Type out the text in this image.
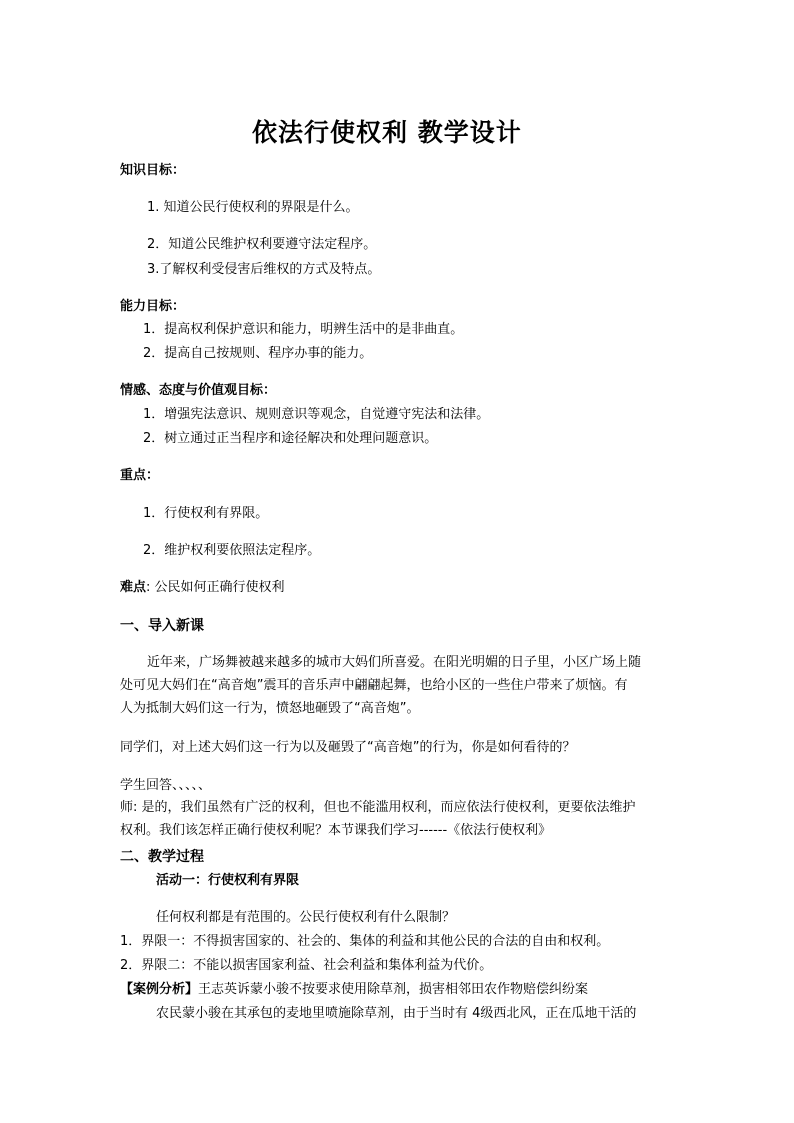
依法行使权利 教学设计
知识目标：
1. 知道公民行使权利的界限是什么。
2．知道公民维护权利要遵守法定程序。
3.了解权利受侵害后维权的方式及特点。
能力目标：
1．提高权利保护意识和能力，明辨生活中的是非曲直。
2．提高自己按规则、程序办事的能力。
情感、态度与价值观目标：
1．增强宪法意识、规则意识等观念，自觉遵守宪法和法律。
2．树立通过正当程序和途径解决和处理问题意识。
重点：
1．行使权利有界限。
2．维护权利要依照法定程序。
难点: 公民如何正确行使权利
一、导入新课

近年来，广场舞被越来越多的城市大妈们所喜爱。在阳光明媚的日子里，小区广场上随

处可见大妈们在“高音炮”震耳的音乐声中翩翩起舞，也给小区的一些住户带来了烦恼。有

人为抵制大妈们这一行为，愤怒地砸毁了“高音炮”。

同学们，对上述大妈们这一行为以及砸毁了“高音炮”的行为，你是如何看待的？
学生回答、、、、、

师: 是的，我们虽然有广泛的权利，但也不能滥用权利，而应依法行使权利，更要依法维护

权利。我们该怎样正确行使权利呢？本节课我们学习------《依法行使权利》

二、教学过程
活动一：行使权利有界限
任何权利都是有范围的。公民行使权利有什么限制？
1．界限一：不得损害国家的、社会的、集体的利益和其他公民的合法的自由和权利。
2．界限二：不能以损害国家利益、社会利益和集体利益为代价。
【案例分析】王志英诉蒙小骏不按要求使用除草剂，损害相邻田农作物赔偿纠纷案
农民蒙小骏在其承包的麦地里喷施除草剂，由于当时有 4级西北风，正在瓜地干活的
